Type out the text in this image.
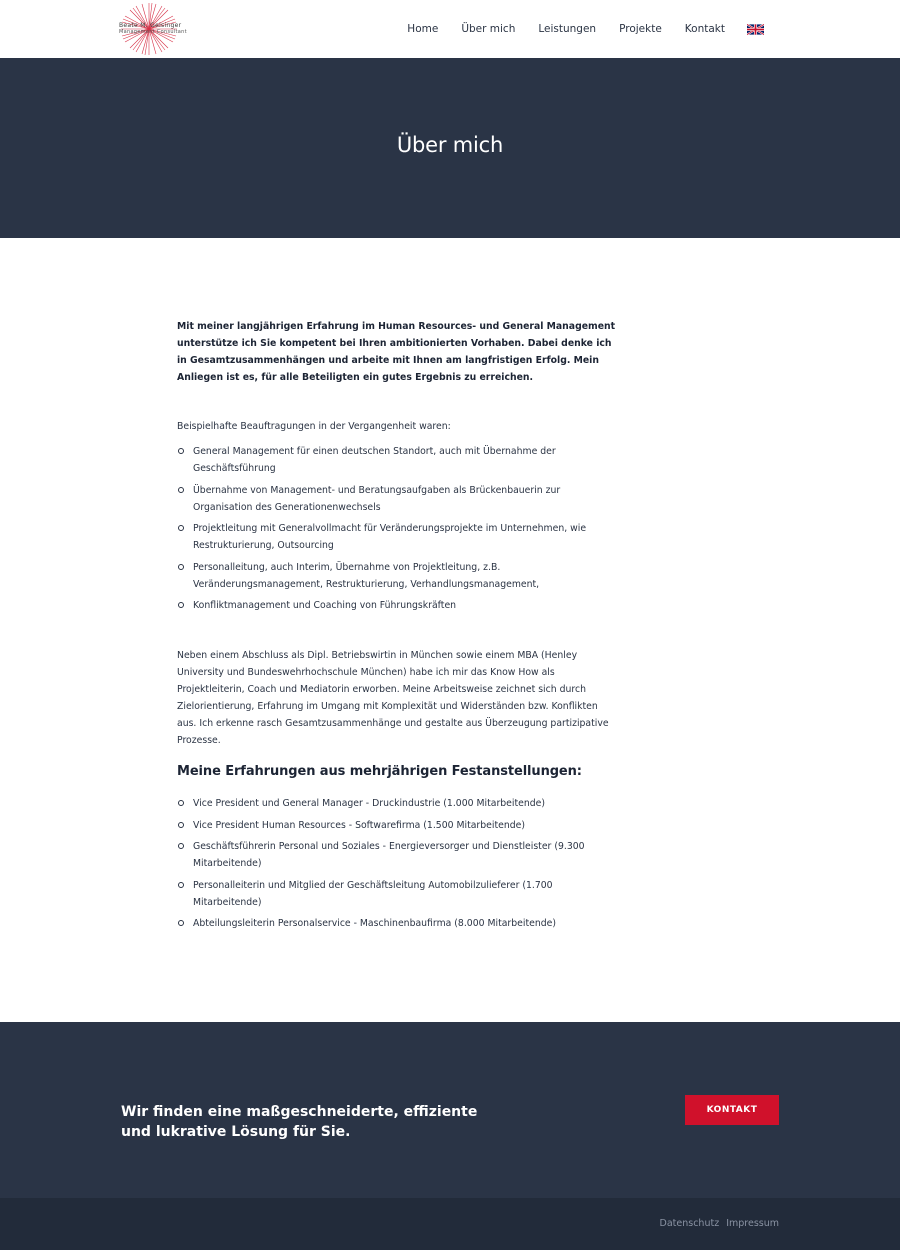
Beate M. Geisinger
Management Consultant	Home Über mich Leistungen Projekte Kontakt
Über mich

Mit meiner langjährigen Erfahrung im Human Resources- und General Management unterstütze ich Sie kompetent bei Ihren ambitionierten Vorhaben. Dabei denke ich in Gesamtzusammenhängen und arbeite mit Ihnen am langfristigen Erfolg. Mein Anliegen ist es, für alle Beteiligten ein gutes Ergebnis zu erreichen.

Beispielhafte Beauftragungen in der Vergangenheit waren:

General Management für einen deutschen Standort, auch mit Übernahme der Geschäftsführung
Übernahme von Management- und Beratungsaufgaben als Brückenbauerin zur Organisation des Generationenwechsels
Projektleitung mit Generalvollmacht für Veränderungsprojekte im Unternehmen, wie Restrukturierung, Outsourcing
Personalleitung, auch Interim, Übernahme von Projektleitung, z.B. Veränderungsmanagement, Restrukturierung, Verhandlungsmanagement,
Konfliktmanagement und Coaching von Führungskräften

Neben einem Abschluss als Dipl. Betriebswirtin in München sowie einem MBA (Henley University und Bundeswehrhochschule München) habe ich mir das Know How als Projektleiterin, Coach und Mediatorin erworben. Meine Arbeitsweise zeichnet sich durch Zielorientierung, Erfahrung im Umgang mit Komplexität und Widerständen bzw. Konflikten aus. Ich erkenne rasch Gesamtzusammenhänge und gestalte aus Überzeugung partizipative Prozesse.

Meine Erfahrungen aus mehrjährigen Festanstellungen:
Vice President und General Manager - Druckindustrie (1.000 Mitarbeitende)
Vice President Human Resources - Softwarefirma (1.500 Mitarbeitende)
Geschäftsführerin Personal und Soziales - Energieversorger und Dienstleister (9.300 Mitarbeitende)
Personalleiterin und Mitglied der Geschäftsleitung Automobilzulieferer (1.700 Mitarbeitende)
Abteilungsleiterin Personalservice - Maschinenbaufirma (8.000 Mitarbeitende)

Wir finden eine maßgeschneiderte, effiziente und lukrative Lösung für Sie.

KONTAKT
Datenschutz Impressum
